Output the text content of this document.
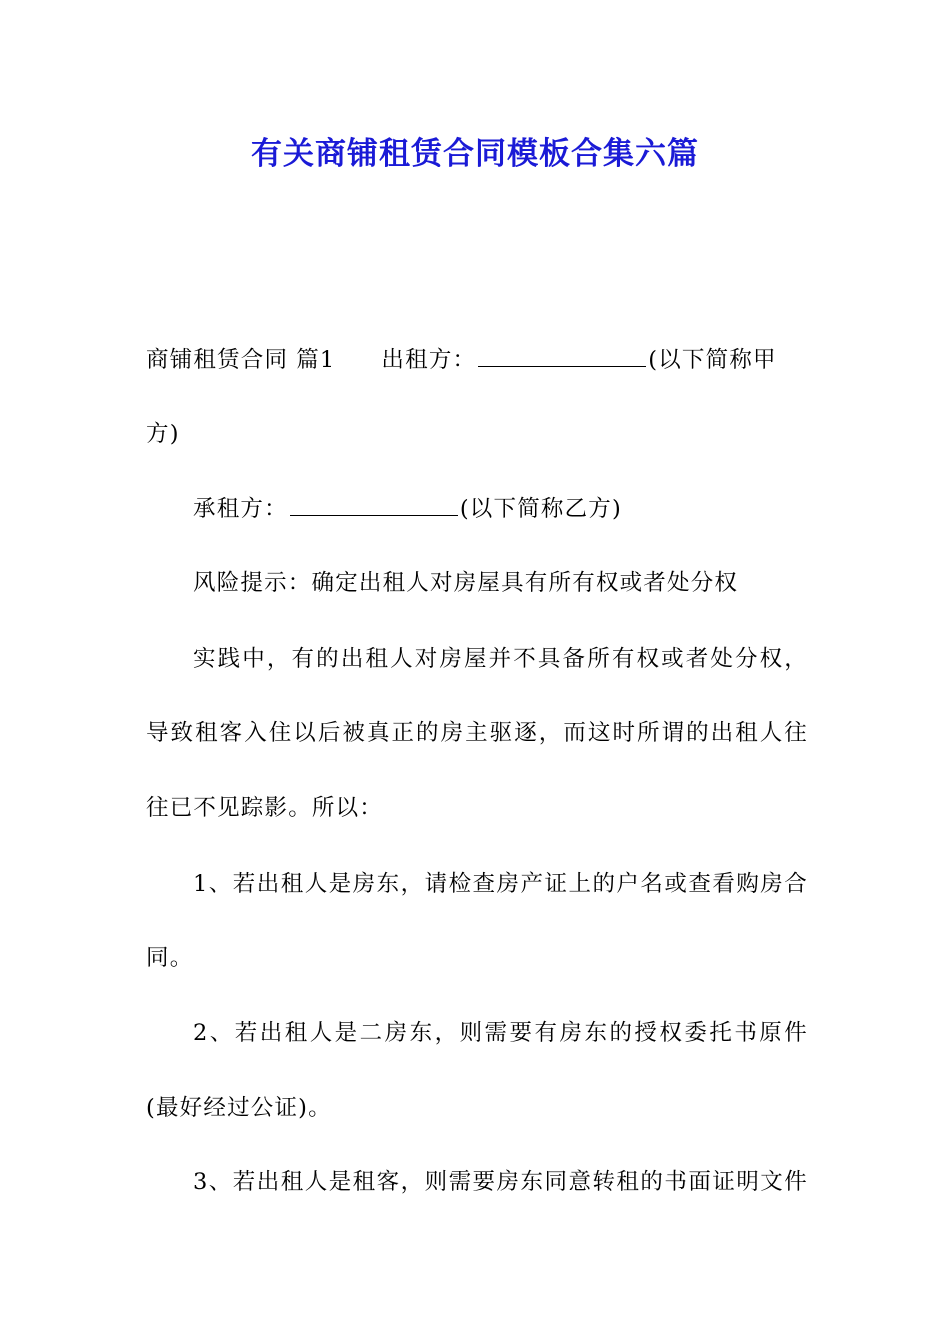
有关商铺租赁合同模板合集六篇
商铺租赁合同 篇1 出租方：	(以下简称甲
方)
承租方：	(以下简称乙方)
风险提示：确定出租人对房屋具有所有权或者处分权
实践中，有的出租人对房屋并不具备所有权或者处分权，
导致租客入住以后被真正的房主驱逐，而这时所谓的出租人往
往已不见踪影。所以：
1、若出租人是房东，请检查房产证上的户名或查看购房合
同。
2、若出租人是二房东，则需要有房东的授权委托书原件
(最好经过公证)。
3、若出租人是租客，则需要房东同意转租的书面证明文件
